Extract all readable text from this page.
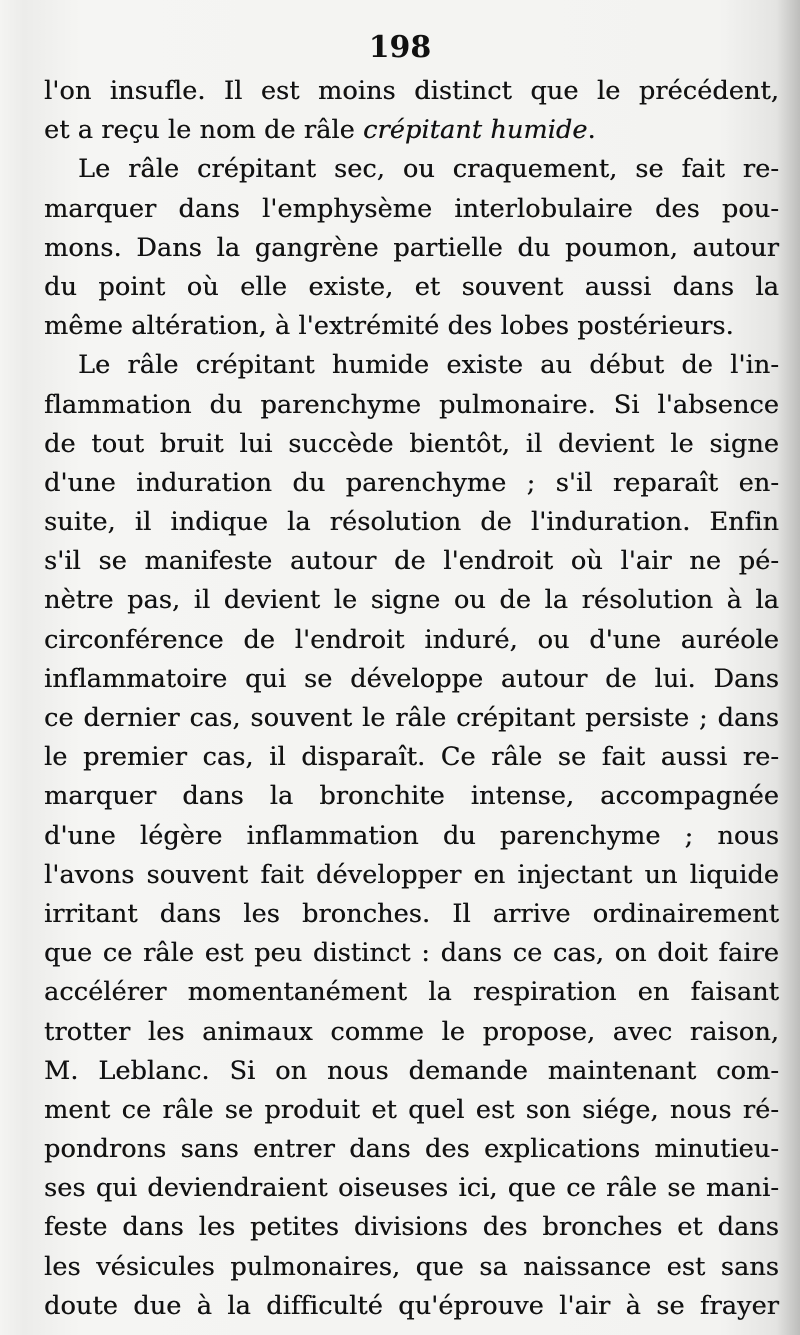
198
l'on insufle. Il est moins distinct que le précédent,
et a reçu le nom de râle crépitant humide.
Le râle crépitant sec, ou craquement, se fait re-
marquer dans l'emphysème interlobulaire des pou-
mons. Dans la gangrène partielle du poumon, autour
du point où elle existe, et souvent aussi dans la
même altération, à l'extrémité des lobes postérieurs.
Le râle crépitant humide existe au début de l'in-
flammation du parenchyme pulmonaire. Si l'absence
de tout bruit lui succède bientôt, il devient le signe
d'une induration du parenchyme ; s'il reparaît en-
suite, il indique la résolution de l'induration. Enfin
s'il se manifeste autour de l'endroit où l'air ne pé-
nètre pas, il devient le signe ou de la résolution à la
circonférence de l'endroit induré, ou d'une auréole
inflammatoire qui se développe autour de lui. Dans
ce dernier cas, souvent le râle crépitant persiste ; dans
le premier cas, il disparaît. Ce râle se fait aussi re-
marquer dans la bronchite intense, accompagnée
d'une légère inflammation du parenchyme ; nous
l'avons souvent fait développer en injectant un liquide
irritant dans les bronches. Il arrive ordinairement
que ce râle est peu distinct : dans ce cas, on doit faire
accélérer momentanément la respiration en faisant
trotter les animaux comme le propose, avec raison,
M. Leblanc. Si on nous demande maintenant com-
ment ce râle se produit et quel est son siége, nous ré-
pondrons sans entrer dans des explications minutieu-
ses qui deviendraient oiseuses ici, que ce râle se mani-
feste dans les petites divisions des bronches et dans
les vésicules pulmonaires, que sa naissance est sans
doute due à la difficulté qu'éprouve l'air à se frayer
